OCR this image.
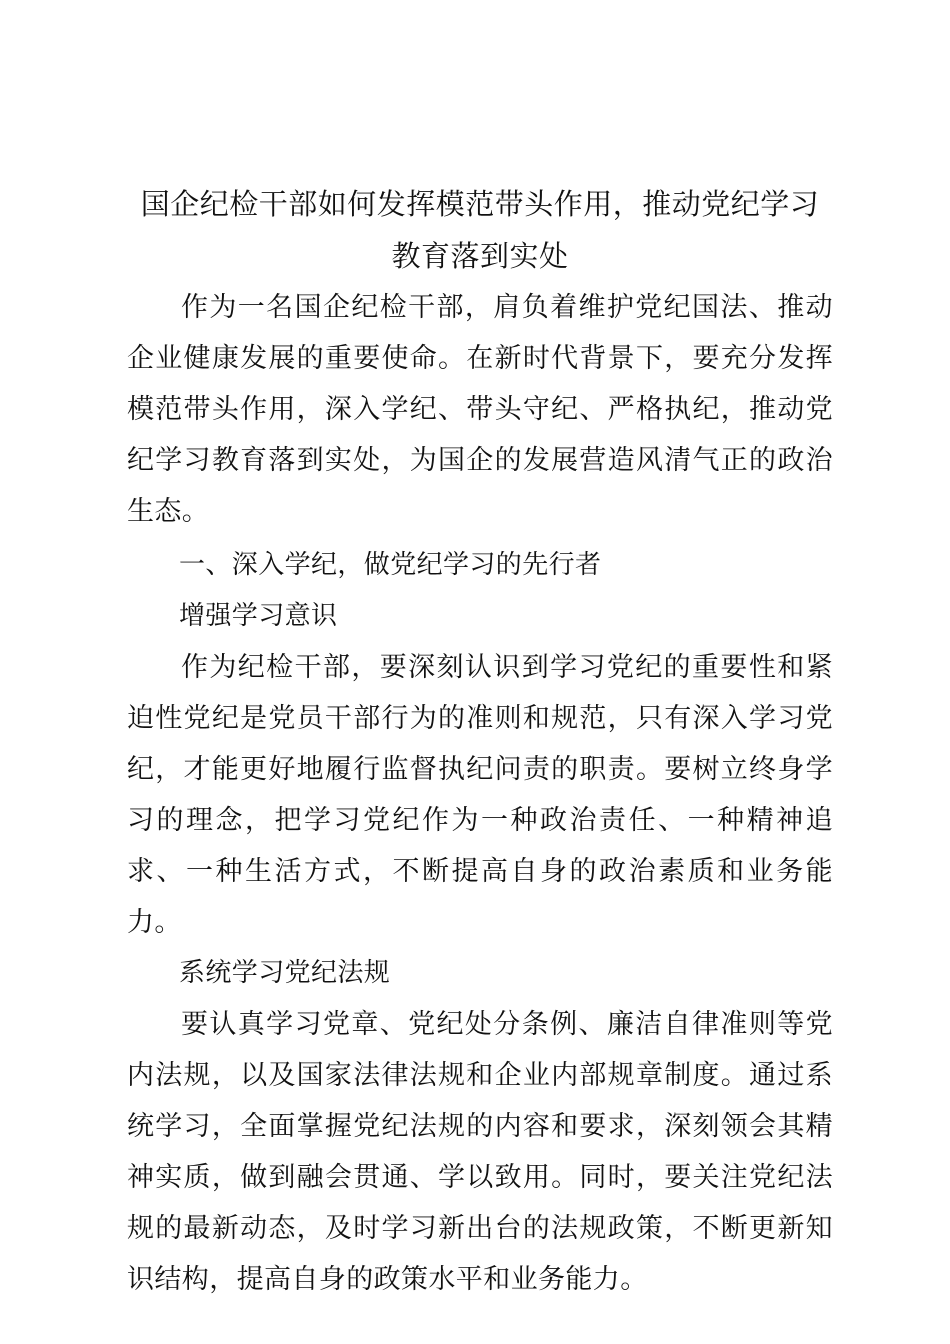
国企纪检干部如何发挥模范带头作用，推动党纪学习教育落到实处

作为一名国企纪检干部，肩负着维护党纪国法、推动企业健康发展的重要使命。在新时代背景下，要充分发挥模范带头作用，深入学纪、带头守纪、严格执纪，推动党纪学习教育落到实处，为国企的发展营造风清气正的政治生态。

一、深入学纪，做党纪学习的先行者

增强学习意识

作为纪检干部，要深刻认识到学习党纪的重要性和紧迫性党纪是党员干部行为的准则和规范，只有深入学习党纪，才能更好地履行监督执纪问责的职责。要树立终身学习的理念，把学习党纪作为一种政治责任、一种精神追求、一种生活方式，不断提高自身的政治素质和业务能力。

系统学习党纪法规

要认真学习党章、党纪处分条例、廉洁自律准则等党内法规，以及国家法律法规和企业内部规章制度。通过系统学习，全面掌握党纪法规的内容和要求，深刻领会其精神实质，做到融会贯通、学以致用。同时，要关注党纪法规的最新动态，及时学习新出台的法规政策，不断更新知识结构，提高自身的政策水平和业务能力。
